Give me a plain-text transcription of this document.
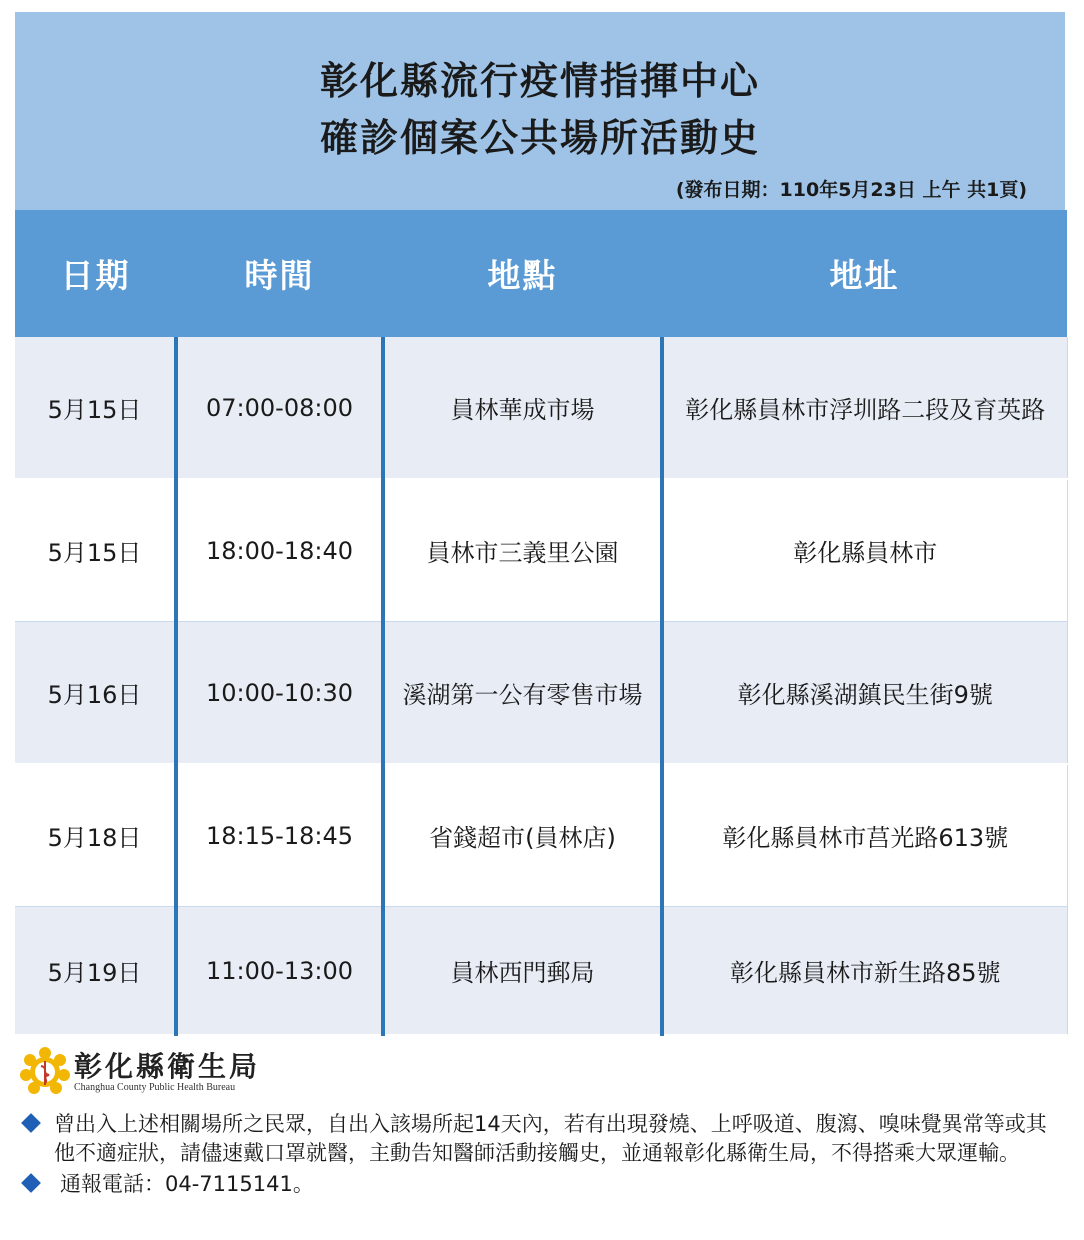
彰化縣流行疫情指揮中心
確診個案公共場所活動史
(發布日期：110年5月23日 上午 共1頁)
日期	時間	地點	地址
5月15日	07:00-08:00	員林華成市場	彰化縣員林市浮圳路二段及育英路
5月15日	18:00-18:40	員林市三義里公園	彰化縣員林市
5月16日	10:00-10:30	溪湖第一公有零售市場	彰化縣溪湖鎮民生街9號
5月18日	18:15-18:45	省錢超市(員林店)	彰化縣員林市莒光路613號
5月19日	11:00-13:00	員林西門郵局	彰化縣員林市新生路85號
彰化縣衛生局
Changhua County Public Health Bureau
曾出入上述相關場所之民眾，自出入該場所起14天內，若有出現發燒、上呼吸道、腹瀉、嗅味覺異常等或其他不適症狀，請儘速戴口罩就醫，主動告知醫師活動接觸史，並通報彰化縣衛生局，不得搭乘大眾運輸。
通報電話：04-7115141。
